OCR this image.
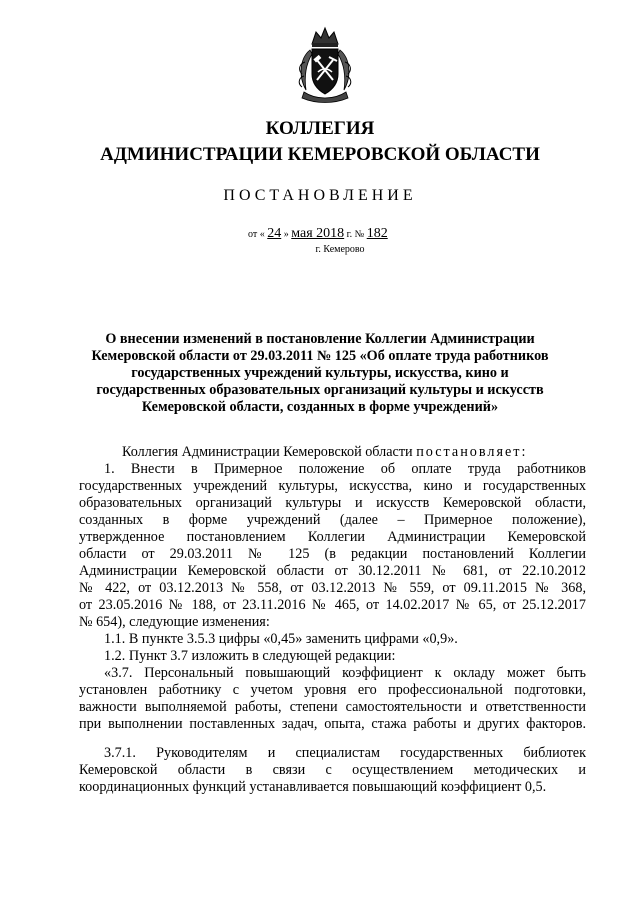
КОЛЛЕГИЯ
АДМИНИСТРАЦИИ КЕМЕРОВСКОЙ ОБЛАСТИ
ПОСТАНОВЛЕНИЕ
от « 24 » мая 2018 г. № 182
г. Кемерово
О внесении изменений в постановление Коллегии Администрации
Кемеровской области от 29.03.2011 № 125 «Об оплате труда работников
государственных учреждений культуры, искусства, кино и
государственных образовательных организаций культуры и искусств
Кемеровской области, созданных в форме учреждений»
Коллегия Администрации Кемеровской области постановляет:
1. Внести в Примерное положение об оплате труда работников
государственных учреждений культуры, искусства, кино и государственных
образовательных организаций культуры и искусств Кемеровской области,
созданных в форме учреждений (далее – Примерное положение),
утвержденное постановлением Коллегии Администрации Кемеровской
области от 29.03.2011 № 125 (в редакции постановлений Коллегии
Администрации Кемеровской области от 30.12.2011 № 681, от 22.10.2012
№ 422, от 03.12.2013 № 558, от 03.12.2013 № 559, от 09.11.2015 № 368,
от 23.05.2016 № 188, от 23.11.2016 № 465, от 14.02.2017 № 65, от 25.12.2017
№ 654), следующие изменения:
1.1. В пункте 3.5.3 цифры «0,45» заменить цифрами «0,9».
1.2. Пункт 3.7 изложить в следующей редакции:
«3.7. Персональный повышающий коэффициент к окладу может быть
установлен работнику с учетом уровня его профессиональной подготовки,
важности выполняемой работы, степени самостоятельности и ответственности
при выполнении поставленных задач, опыта, стажа работы и других факторов.
3.7.1. Руководителям и специалистам государственных библиотек
Кемеровской области в связи с осуществлением методических и
координационных функций устанавливается повышающий коэффициент 0,5.
